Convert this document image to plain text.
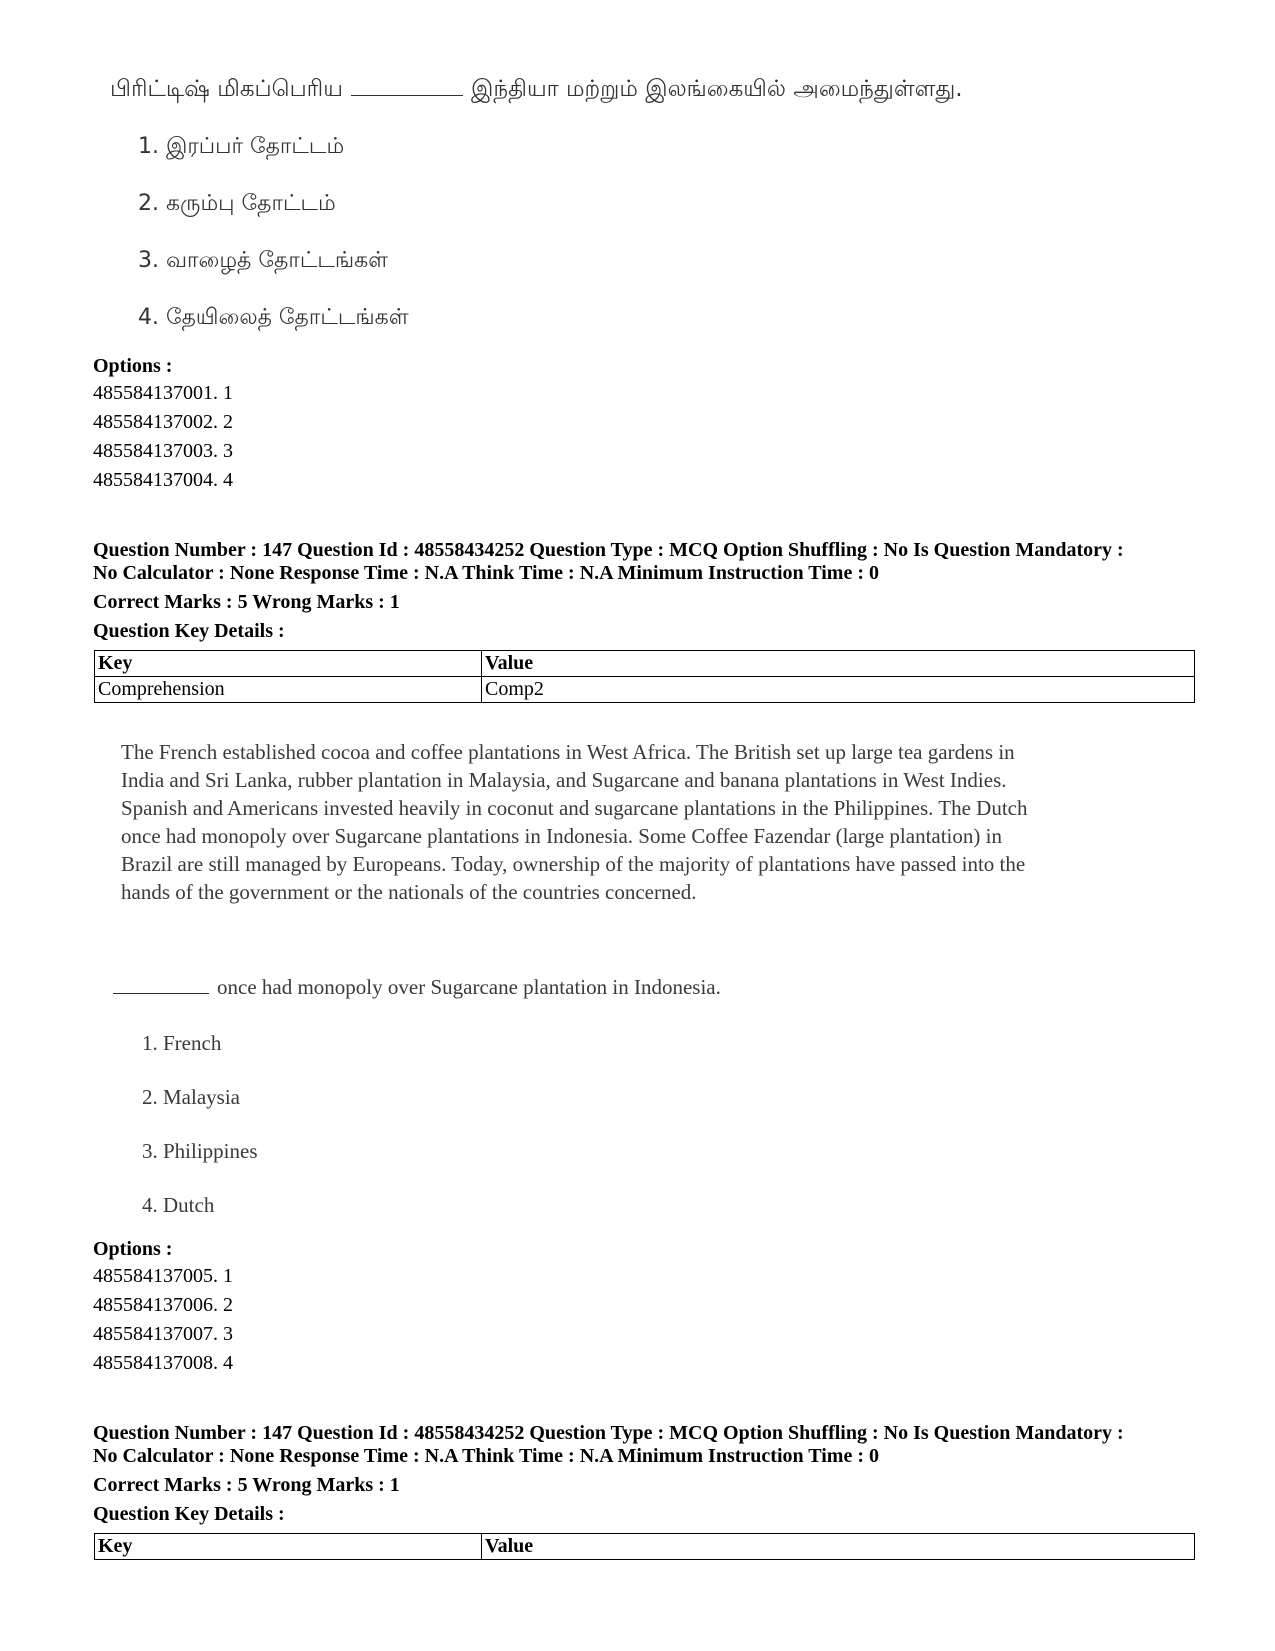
பிரிட்டிஷ் மிகப்பெரிய	இந்தியா மற்றும் இலங்கையில் அமைந்துள்ளது.
1. இரப்பர் தோட்டம்
2. கரும்பு தோட்டம்
3. வாழைத் தோட்டங்கள்
4. தேயிலைத் தோட்டங்கள்
Options :
485584137001. 1
485584137002. 2
485584137003. 3
485584137004. 4
Question Number : 147 Question Id : 48558434252 Question Type : MCQ Option Shuffling : No Is Question Mandatory :
No Calculator : None Response Time : N.A Think Time : N.A Minimum Instruction Time : 0
Correct Marks : 5 Wrong Marks : 1
Question Key Details :
Key	Value
Comprehension	Comp2

The French established cocoa and coffee plantations in West Africa. The British set up large tea gardens in

India and Sri Lanka, rubber plantation in Malaysia, and Sugarcane and banana plantations in West Indies.

Spanish and Americans invested heavily in coconut and sugarcane plantations in the Philippines. The Dutch

once had monopoly over Sugarcane plantations in Indonesia. Some Coffee Fazendar (large plantation) in

Brazil are still managed by Europeans. Today, ownership of the majority of plantations have passed into the

hands of the government or the nationals of the countries concerned.

once had monopoly over Sugarcane plantation in Indonesia.
1. French
2. Malaysia
3. Philippines
4. Dutch
Options :
485584137005. 1
485584137006. 2
485584137007. 3
485584137008. 4
Question Number : 147 Question Id : 48558434252 Question Type : MCQ Option Shuffling : No Is Question Mandatory :
No Calculator : None Response Time : N.A Think Time : N.A Minimum Instruction Time : 0
Correct Marks : 5 Wrong Marks : 1
Question Key Details :
Key	Value
